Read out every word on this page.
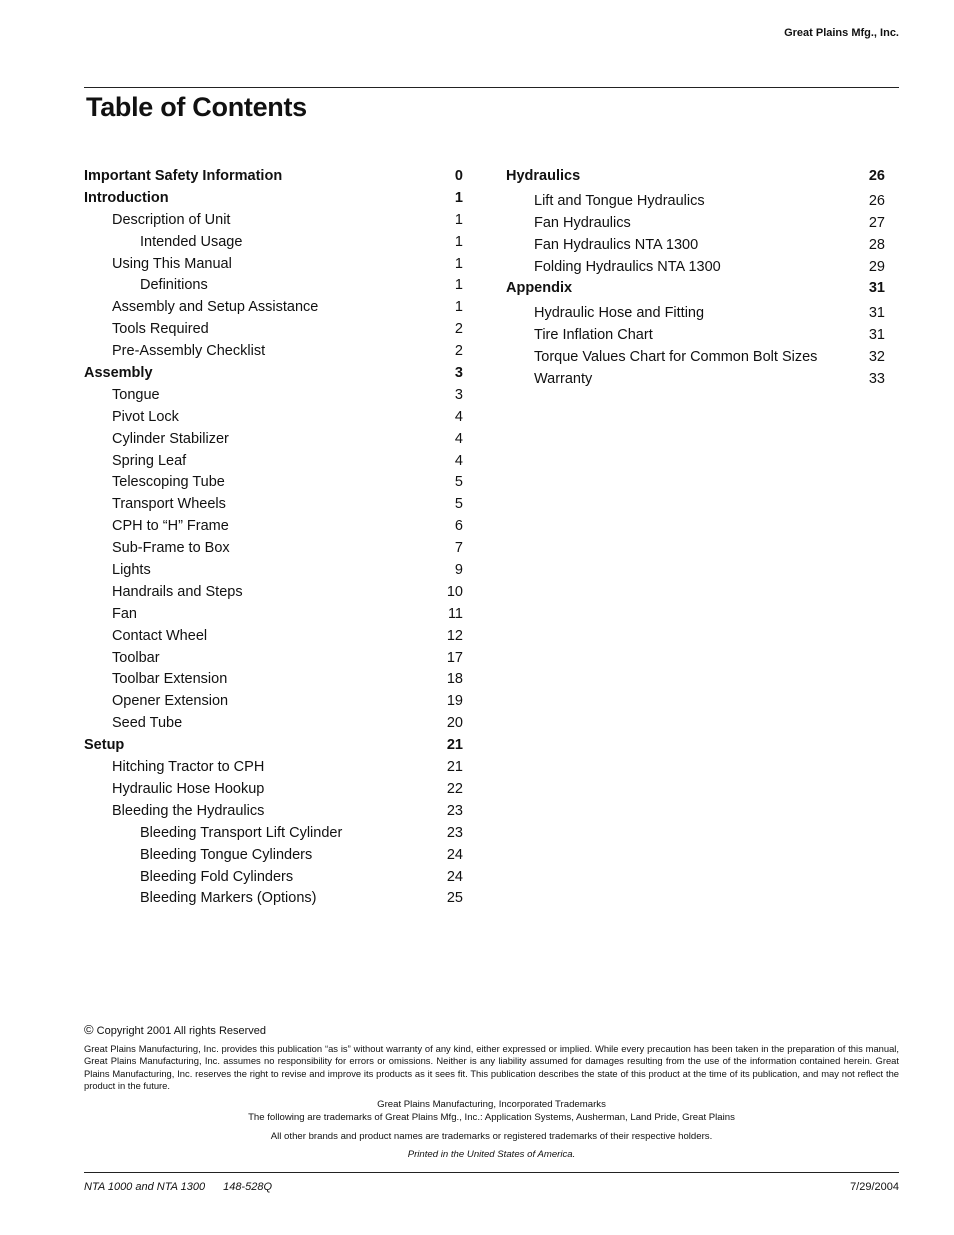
Great Plains Mfg., Inc.
Table of Contents
Important Safety Information	0
Introduction	1
Description of Unit	1
Intended Usage	1
Using This Manual	1
Definitions	1
Assembly and Setup Assistance	1
Tools Required	2
Pre-Assembly Checklist	2
Assembly	3
Tongue	3
Pivot Lock	4
Cylinder Stabilizer	4
Spring Leaf	4
Telescoping Tube	5
Transport Wheels	5
CPH to “H” Frame	6
Sub-Frame to Box	7
Lights	9
Handrails and Steps	10
Fan	11
Contact Wheel	12
Toolbar	17
Toolbar Extension	18
Opener Extension	19
Seed Tube	20
Setup	21
Hitching Tractor to CPH	21
Hydraulic Hose Hookup	22
Bleeding the Hydraulics	23
Bleeding Transport Lift Cylinder	23
Bleeding Tongue Cylinders	24
Bleeding Fold Cylinders	24
Bleeding Markers (Options)	25
Hydraulics	26
Lift and Tongue Hydraulics	26
Fan Hydraulics	27
Fan Hydraulics NTA 1300	28
Folding Hydraulics NTA 1300	29
Appendix	31
Hydraulic Hose and Fitting	31
Tire Inflation Chart	31
Torque Values Chart for Common Bolt Sizes	32
Warranty	33
© Copyright 2001 All rights Reserved

Great Plains Manufacturing, Inc. provides this publication “as is” without warranty of any kind, either expressed or implied. While every precaution has been taken in the preparation of this manual, Great Plains Manufacturing, Inc. assumes no responsibility for errors or omissions. Neither is any liability assumed for damages resulting from the use of the information contained herein. Great Plains Manufacturing, Inc. reserves the right to revise and improve its products as it sees fit. This publication describes the state of this product at the time of its publication, and may not reflect the product in the future.

Great Plains Manufacturing, Incorporated Trademarks
The following are trademarks of Great Plains Mfg., Inc.: Application Systems, Ausherman, Land Pride, Great Plains
All other brands and product names are trademarks or registered trademarks of their respective holders.
Printed in the United States of America.
NTA 1000 and NTA 1300 148-528Q	7/29/2004
